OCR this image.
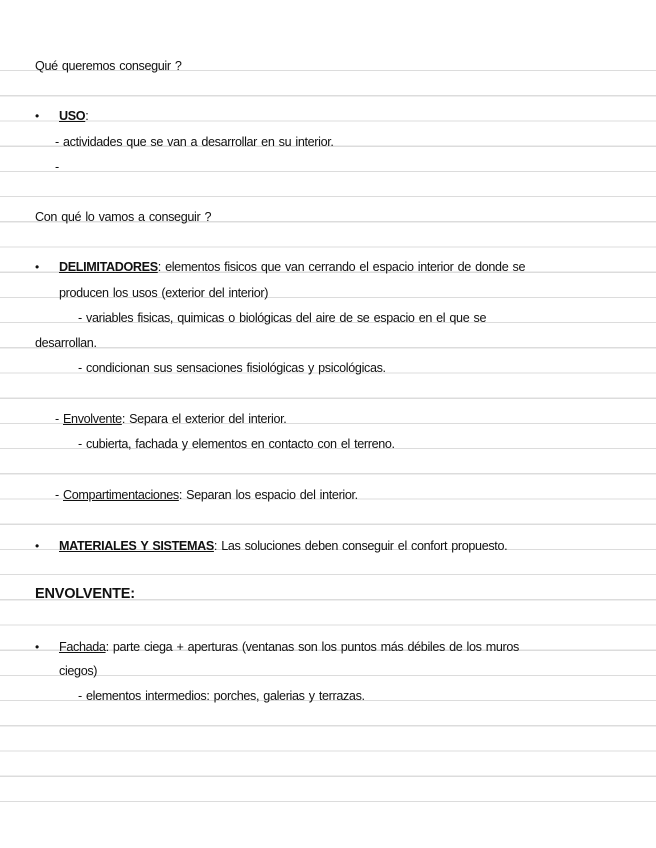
Qué queremos conseguir ?
• USO:
- actividades que se van a desarrollar en su interior.
-
Con qué lo vamos a conseguir ?
• DELIMITADORES: elementos fisicos que van cerrando el espacio interior de donde se
producen los usos (exterior del interior)
- variables fisicas, quimicas o biológicas del aire de se espacio en el que se
desarrollan.
- condicionan sus sensaciones fisiológicas y psicológicas.
- Envolvente: Separa el exterior del interior.
- cubierta, fachada y elementos en contacto con el terreno.
- Compartimentaciones: Separan los espacio del interior.
• MATERIALES Y SISTEMAS: Las soluciones deben conseguir el confort propuesto.
ENVOLVENTE:
• Fachada: parte ciega + aperturas (ventanas son los puntos más débiles de los muros
ciegos)
- elementos intermedios: porches, galerias y terrazas.
